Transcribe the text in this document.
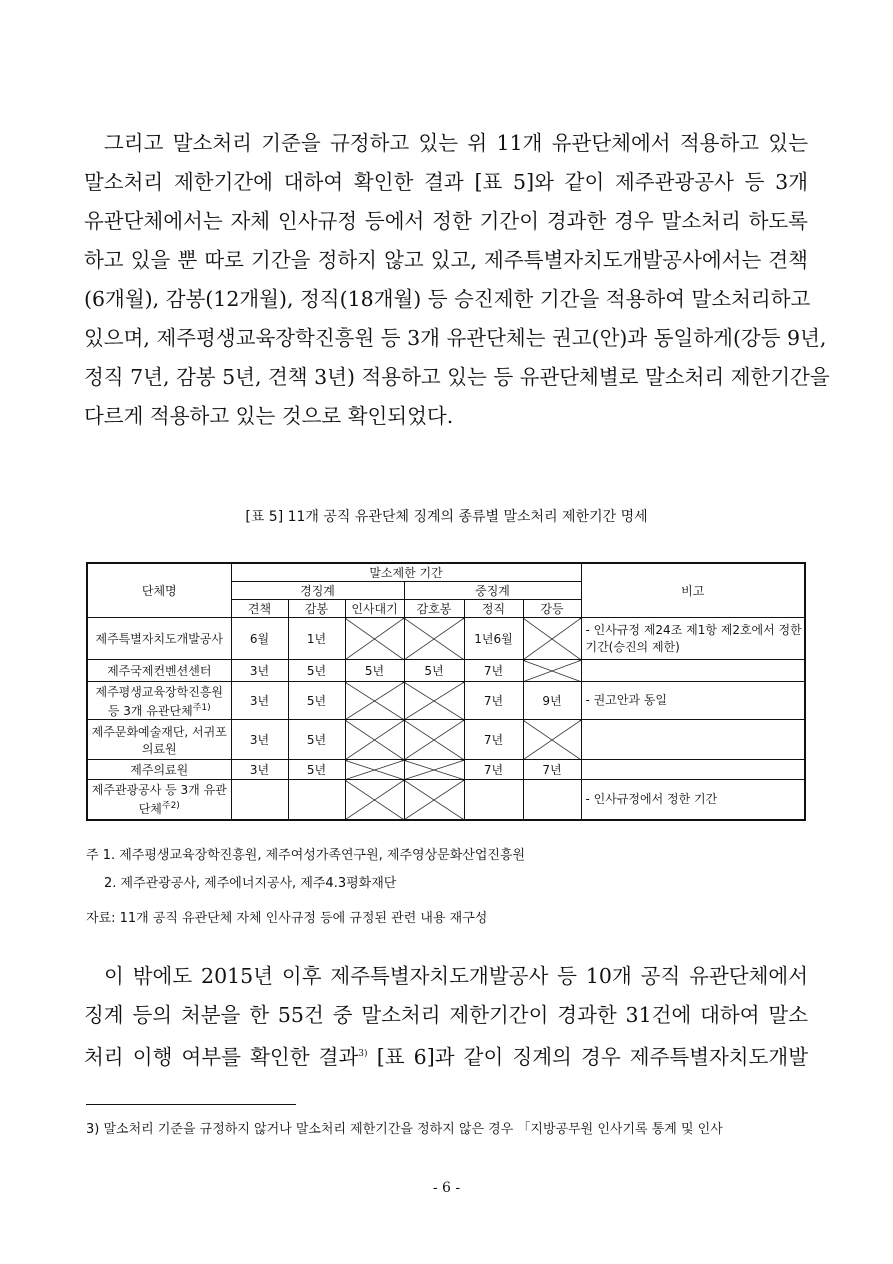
그리고 말소처리 기준을 규정하고 있는 위 11개 유관단체에서 적용하고 있는
말소처리 제한기간에 대하여 확인한 결과 [표 5]와 같이 제주관광공사 등 3개
유관단체에서는 자체 인사규정 등에서 정한 기간이 경과한 경우 말소처리 하도록
하고 있을 뿐 따로 기간을 정하지 않고 있고, 제주특별자치도개발공사에서는 견책
(6개월), 감봉(12개월), 정직(18개월) 등 승진제한 기간을 적용하여 말소처리하고
있으며, 제주평생교육장학진흥원 등 3개 유관단체는 권고(안)과 동일하게(강등 9년,
정직 7년, 감봉 5년, 견책 3년) 적용하고 있는 등 유관단체별로 말소처리 제한기간을
다르게 적용하고 있는 것으로 확인되었다.
[표 5] 11개 공직 유관단체 징계의 종류별 말소처리 제한기간 명세
단체명	말소제한 기간						비고
	경징계			중징계			
	견책	감봉	인사대기	감호봉	정직	강등	
제주특별자치도개발공사	6월	1년			1년6월		- 인사규정 제24조 제1항 제2호에서 정한 기간(승진의 제한)
제주국제컨벤션센터	3년	5년	5년	5년	7년		
제주평생교육장학진흥원 등 3개 유관단체$^{주1)}$	3년	5년			7년	9년	- 권고안과 동일
제주문화예술재단, 서귀포의료원	3년	5년			7년		
제주의료원	3년	5년			7년	7년	
제주관광공사 등 3개 유관단체$^{주2)}$							- 인사규정에서 정한 기간
주 1. 제주평생교육장학진흥원, 제주여성가족연구원, 제주영상문화산업진흥원
2. 제주관광공사, 제주에너지공사, 제주4.3평화재단
자료: 11개 공직 유관단체 자체 인사규정 등에 규정된 관련 내용 재구성
이 밖에도 2015년 이후 제주특별자치도개발공사 등 10개 공직 유관단체에서
징계 등의 처분을 한 55건 중 말소처리 제한기간이 경과한 31건에 대하여 말소
처리 이행 여부를 확인한 결과$^{3)}$ [표 6]과 같이 징계의 경우 제주특별자치도개발
3) 말소처리 기준을 규정하지 않거나 말소처리 제한기간을 정하지 않은 경우 「지방공무원 인사기록 통계 및 인사
- 6 -
